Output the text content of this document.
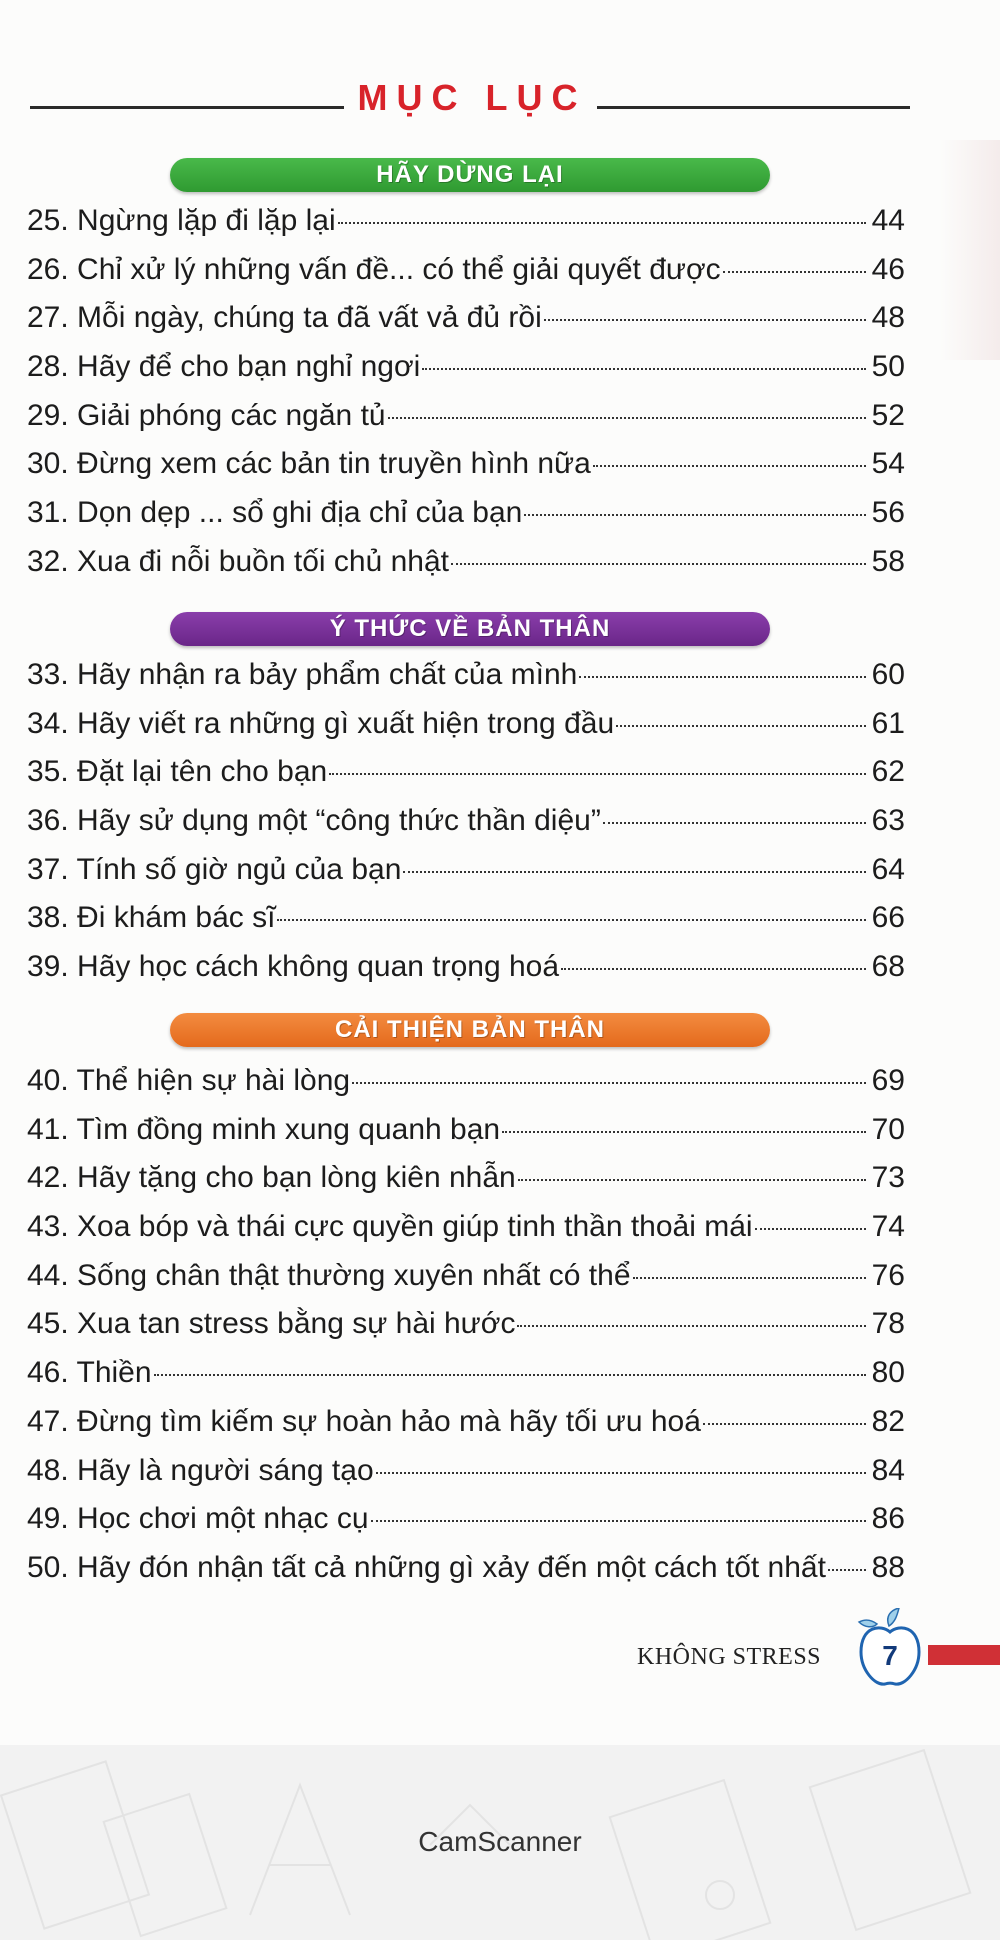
MỤC LỤC
HÃY DỪNG LẠI
25. Ngừng lặp đi lặp lại	44
26. Chỉ xử lý những vấn đề... có thể giải quyết được	46
27. Mỗi ngày, chúng ta đã vất vả đủ rồi	48
28. Hãy để cho bạn nghỉ ngơi	50
29. Giải phóng các ngăn tủ	52
30. Đừng xem các bản tin truyền hình nữa	54
31. Dọn dẹp ... sổ ghi địa chỉ của bạn	56
32. Xua đi nỗi buồn tối chủ nhật	58
Ý THỨC VỀ BẢN THÂN
33. Hãy nhận ra bảy phẩm chất của mình	60
34. Hãy viết ra những gì xuất hiện trong đầu	61
35. Đặt lại tên cho bạn	62
36. Hãy sử dụng một “công thức thần diệu”	63
37. Tính số giờ ngủ của bạn	64
38. Đi khám bác sĩ	66
39. Hãy học cách không quan trọng hoá	68
CẢI THIỆN BẢN THÂN
40. Thể hiện sự hài lòng	69
41. Tìm đồng minh xung quanh bạn	70
42. Hãy tặng cho bạn lòng kiên nhẫn	73
43. Xoa bóp và thái cực quyền giúp tinh thần thoải mái	74
44. Sống chân thật thường xuyên nhất có thể	76
45. Xua tan stress bằng sự hài hước	78
46. Thiền	80
47. Đừng tìm kiếm sự hoàn hảo mà hãy tối ưu hoá	82
48. Hãy là người sáng tạo	84
49. Học chơi một nhạc cụ	86
50. Hãy đón nhận tất cả những gì xảy đến một cách tốt nhất 88
KHÔNG STRESS	7
CamScanner
